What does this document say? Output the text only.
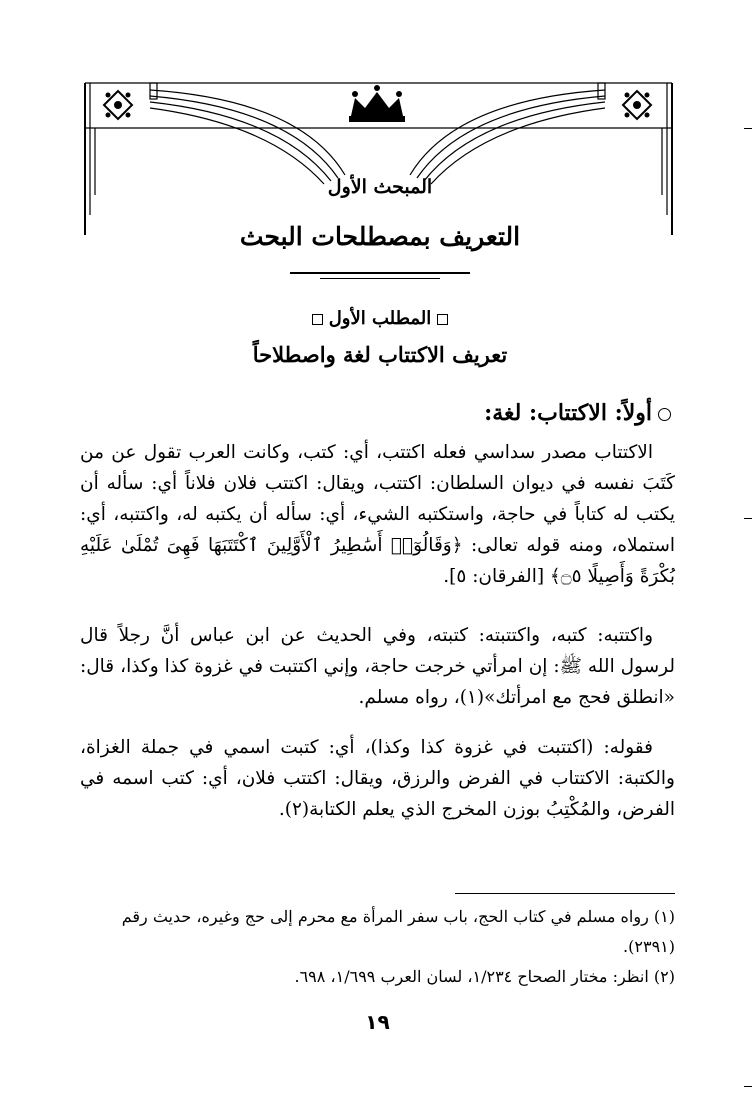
المبحث الأول
التعريف بمصطلحات البحث
المطلب الأول
تعريف الاكتتاب لغة واصطلاحاً
أولاً: الاكتتاب: لغة:

الاكتتاب مصدر سداسي فعله اكتتب، أي: كتب، وكانت العرب تقول عن من كَتَبَ نفسه في ديوان السلطان: اكتتب، ويقال: اكتتب فلان فلاناً أي: سأله أن يكتب له كتاباً في حاجة، واستكتبه الشيء، أي: سأله أن يكتبه له، واكتتبه، أي: استملاه، ومنه قوله تعالى: ﴿وَقَالُوٓا۟ أَسَٰطِيرُ ٱلْأَوَّلِينَ ٱكْتَتَبَهَا فَهِىَ تُمْلَىٰ عَلَيْهِ بُكْرَةً وَأَصِيلًا ۝٥﴾ [الفرقان: ٥].

واكتتبه: كتبه، واكتتبته: كتبته، وفي الحديث عن ابن عباس أنَّ رجلاً قال لرسول الله ﷺ: إن امرأتي خرجت حاجة، وإني اكتتبت في غزوة كذا وكذا، قال: «انطلق فحج مع امرأتك»(١)، رواه مسلم.

فقوله: (اكتتبت في غزوة كذا وكذا)، أي: كتبت اسمي في جملة الغزاة، والكتبة: الاكتتاب في الفرض والرزق، ويقال: اكتتب فلان، أي: كتب اسمه في الفرض، والمُكْتِبُ بوزن المخرج الذي يعلم الكتابة(٢).

(١) رواه مسلم في كتاب الحج، باب سفر المرأة مع محرم إلى حج وغيره، حديث رقم (٢٣٩١).

(٢) انظر: مختار الصحاح ١/٢٣٤، لسان العرب ١/٦٩٩، ٦٩٨.

١٩
